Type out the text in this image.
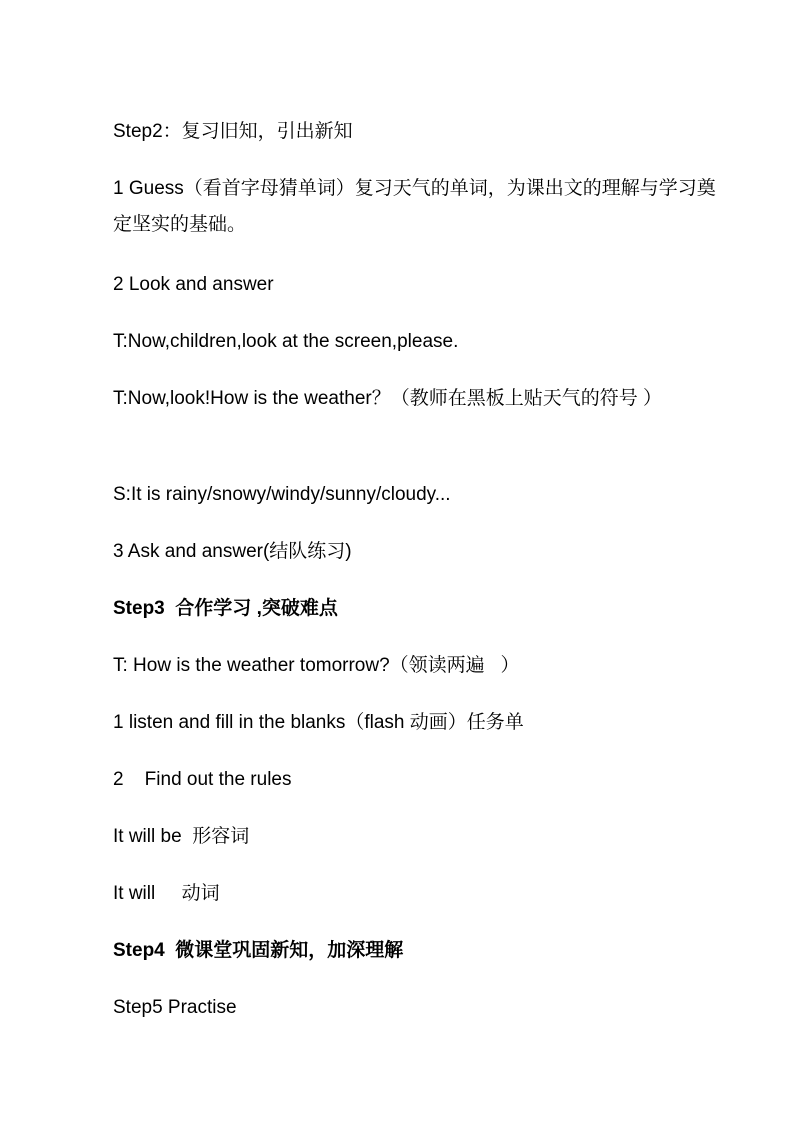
Step2：复习旧知，引出新知
1 Guess（看首字母猜单词）复习天气的单词，为课出文的理解与学习奠定坚实的基础。
2 Look and answer
T:Now,children,look at the screen,please.
T:Now,look!How is the weather？（教师在黑板上贴天气的符号 ）
S:It is rainy/snowy/windy/sunny/cloudy...
3 Ask and answer(结队练习)
Step3  合作学习 ,突破难点
T: How is the weather tomorrow?（领读两遍   ）
1 listen and fill in the blanks（flash 动画）任务单
2    Find out the rules
It will be  形容词
It will     动词
Step4  微课堂巩固新知，加深理解
Step5 Practise
